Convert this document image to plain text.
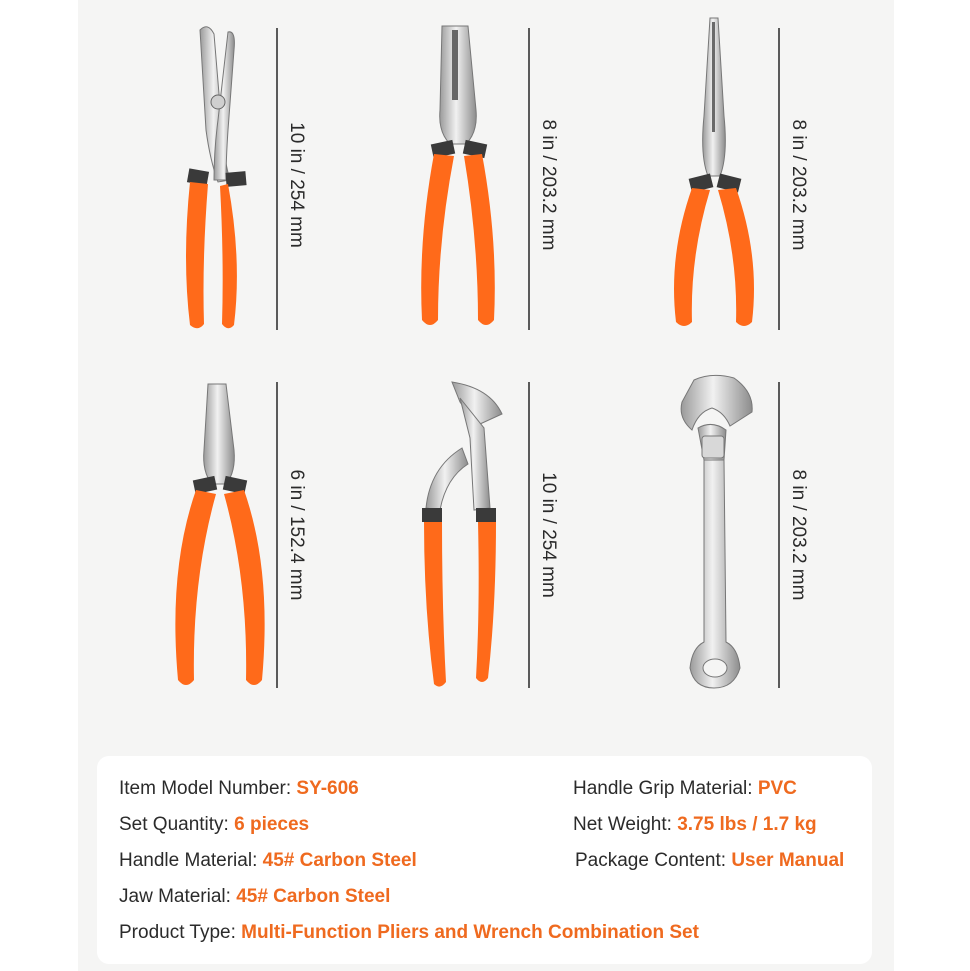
10 in / 254 mm	8 in / 203.2 mm	8 in / 203.2 mm
6 in / 152.4 mm	10 in / 254 mm	8 in / 203.2 mm
Item Model Number: SY-606
Set Quantity: 6 pieces
Handle Material: 45# Carbon Steel
Jaw Material: 45# Carbon Steel
Product Type: Multi-Function Pliers and Wrench Combination Set
Handle Grip Material: PVC
Net Weight: 3.75 lbs / 1.7 kg
Package Content: User Manual
